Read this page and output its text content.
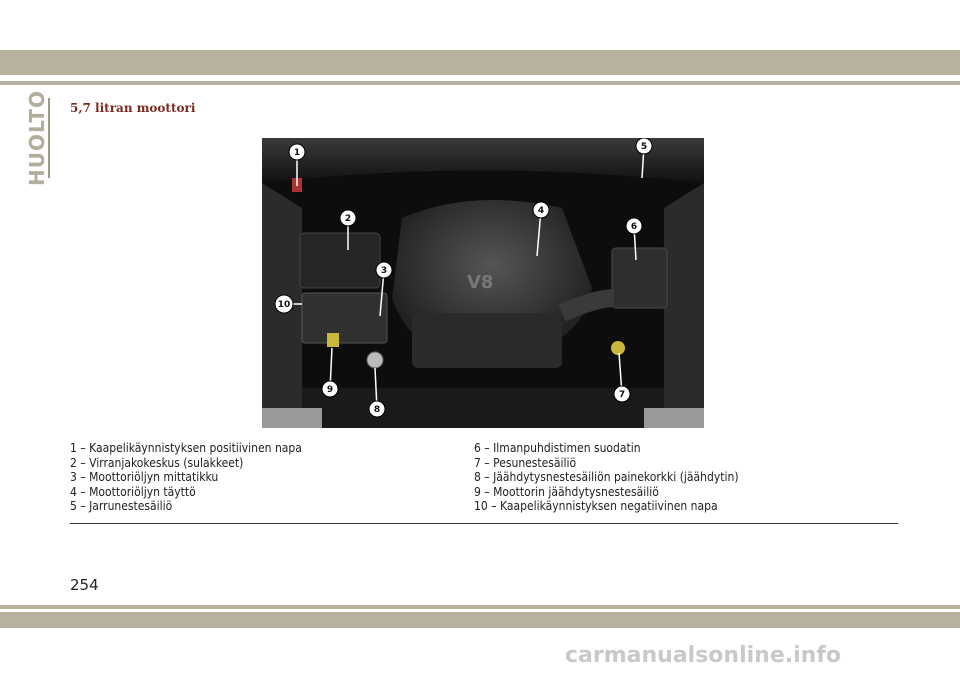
HUOLTO 5,7 litran moottori
V8
1
2
3
4
5
6
7
8
9
10
1 – Kaapelikäynnistyksen positiivinen napa
2 – Virranjakokeskus (sulakkeet)
3 – Moottoriöljyn mittatikku
4 – Moottoriöljyn täyttö
5 – Jarrunestesäiliö
6 – Ilmanpuhdistimen suodatin
7 – Pesunestesäiliö
8 – Jäähdytysnestesäiliön painekorkki (jäähdytin)
9 – Moottorin jäähdytysnestesäiliö
10 – Kaapelikäynnistyksen negatiivinen napa
254
carmanualsonline.info
